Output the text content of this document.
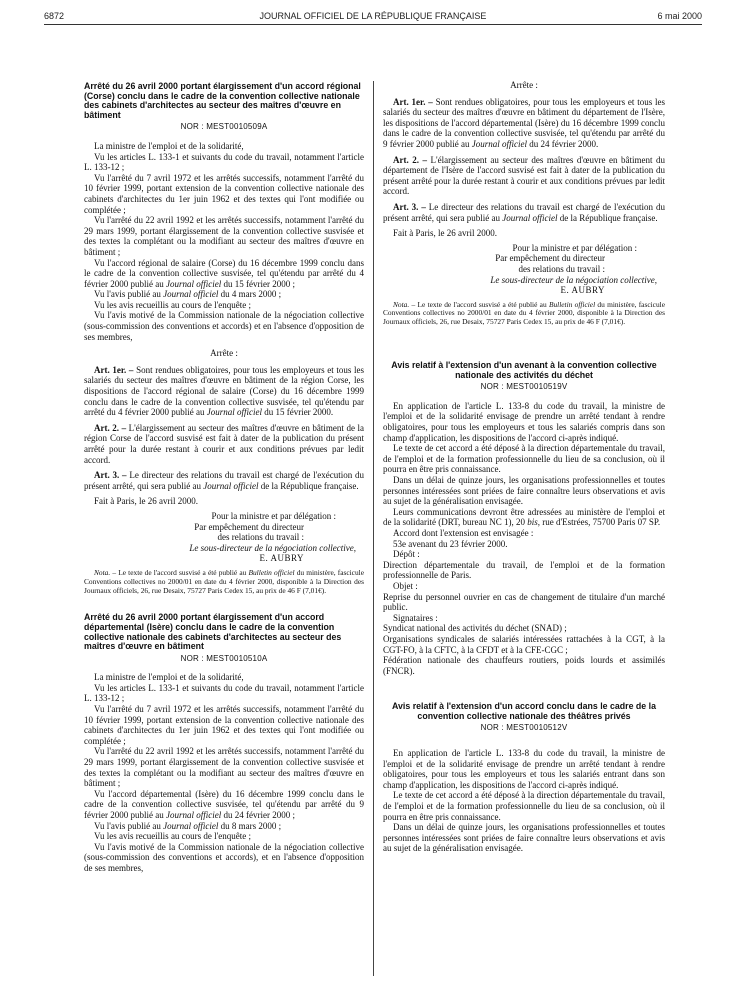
6872	JOURNAL OFFICIEL DE LA RÉPUBLIQUE FRANÇAISE	6 mai 2000
Arrêté du 26 avril 2000 portant élargissement d'un accord régional (Corse) conclu dans le cadre de la convention collective nationale des cabinets d'architectes au secteur des maîtres d'œuvre en bâtiment
NOR : MESТ0010509A

La ministre de l'emploi et de la solidarité,

Vu les articles L. 133-1 et suivants du code du travail, notamment l'article L. 133-12 ;

Vu l'arrêté du 7 avril 1972 et les arrêtés successifs, notamment l'arrêté du 10 février 1999, portant extension de la convention collective nationale des cabinets d'architectes du 1er juin 1962 et des textes qui l'ont modifiée ou complétée ;

Vu l'arrêté du 22 avril 1992 et les arrêtés successifs, notamment l'arrêté du 29 mars 1999, portant élargissement de la convention collective susvisée et des textes la complétant ou la modifiant au secteur des maîtres d'œuvre en bâtiment ;

Vu l'accord régional de salaire (Corse) du 16 décembre 1999 conclu dans le cadre de la convention collective susvisée, tel qu'étendu par arrêté du 4 février 2000 publié au Journal officiel du 15 février 2000 ;

Vu l'avis publié au Journal officiel du 4 mars 2000 ;

Vu les avis recueillis au cours de l'enquête ;

Vu l'avis motivé de la Commission nationale de la négociation collective (sous-commission des conventions et accords) et en l'absence d'opposition de ses membres,

Arrête :

Art. 1er. – Sont rendues obligatoires, pour tous les employeurs et tous les salariés du secteur des maîtres d'œuvre en bâtiment de la région Corse, les dispositions de l'accord régional de salaire (Corse) du 16 décembre 1999 conclu dans le cadre de la convention collective susvisée, tel qu'étendu par arrêté du 4 février 2000 publié au Journal officiel du 15 février 2000.

Art. 2. – L'élargissement au secteur des maîtres d'œuvre en bâtiment de la région Corse de l'accord susvisé est fait à dater de la publication du présent arrêté pour la durée restant à courir et aux conditions prévues par ledit accord.

Art. 3. – Le directeur des relations du travail est chargé de l'exécution du présent arrêté, qui sera publié au Journal officiel de la République française.

Fait à Paris, le 26 avril 2000.

Pour la ministre et par délégation :

Par empêchement du directeur

des relations du travail :

Le sous-directeur de la négociation collective,

E. AUBRY

Nota. – Le texte de l'accord susvisé a été publié au Bulletin officiel du ministère, fascicule Conventions collectives no 2000/01 en date du 4 février 2000, disponible à la Direction des Journaux officiels, 26, rue Desaix, 75727 Paris Cedex 15, au prix de 46 F (7,01€).

Arrêté du 26 avril 2000 portant élargissement d'un accord départemental (Isère) conclu dans le cadre de la convention collective nationale des cabinets d'architectes au secteur des maîtres d'œuvre en bâtiment
NOR : MESТ0010510A

La ministre de l'emploi et de la solidarité,

Vu les articles L. 133-1 et suivants du code du travail, notamment l'article L. 133-12 ;

Vu l'arrêté du 7 avril 1972 et les arrêtés successifs, notamment l'arrêté du 10 février 1999, portant extension de la convention collective nationale des cabinets d'architectes du 1er juin 1962 et des textes qui l'ont modifiée ou complétée ;

Vu l'arrêté du 22 avril 1992 et les arrêtés successifs, notamment l'arrêté du 29 mars 1999, portant élargissement de la convention collective susvisée et des textes la complétant ou la modifiant au secteur des maîtres d'œuvre en bâtiment ;

Vu l'accord départemental (Isère) du 16 décembre 1999 conclu dans le cadre de la convention collective susvisée, tel qu'étendu par arrêté du 9 février 2000 publié au Journal officiel du 24 février 2000 ;

Vu l'avis publié au Journal officiel du 8 mars 2000 ;

Vu les avis recueillis au cours de l'enquête ;

Vu l'avis motivé de la Commission nationale de la négociation collective (sous-commission des conventions et accords), et en l'absence d'opposition de ses membres,

Arrête :

Art. 1er. – Sont rendues obligatoires, pour tous les employeurs et tous les salariés du secteur des maîtres d'œuvre en bâtiment du département de l'Isère, les dispositions de l'accord départemental (Isère) du 16 décembre 1999 conclu dans le cadre de la convention collective susvisée, tel qu'étendu par arrêté du 9 février 2000 publié au Journal officiel du 24 février 2000.

Art. 2. – L'élargissement au secteur des maîtres d'œuvre en bâtiment du département de l'Isère de l'accord susvisé est fait à dater de la publication du présent arrêté pour la durée restant à courir et aux conditions prévues par ledit accord.

Art. 3. – Le directeur des relations du travail est chargé de l'exécution du présent arrêté, qui sera publié au Journal officiel de la République française.

Fait à Paris, le 26 avril 2000.

Pour la ministre et par délégation :

Par empêchement du directeur

des relations du travail :

Le sous-directeur de la négociation collective,

E. AUBRY

Nota. – Le texte de l'accord susvisé a été publié au Bulletin officiel du ministère, fascicule Conventions collectives no 2000/01 en date du 4 février 2000, disponible à la Direction des Journaux officiels, 26, rue Desaix, 75727 Paris Cedex 15, au prix de 46 F (7,01€).

Avis relatif à l'extension d'un avenant à la convention collective nationale des activités du déchet
NOR : MESТ0010519V

En application de l'article L. 133-8 du code du travail, la ministre de l'emploi et de la solidarité envisage de prendre un arrêté tendant à rendre obligatoires, pour tous les employeurs et tous les salariés compris dans son champ d'application, les dispositions de l'accord ci-après indiqué.

Le texte de cet accord a été déposé à la direction départementale du travail, de l'emploi et de la formation professionnelle du lieu de sa conclusion, où il pourra en être pris connaissance.

Dans un délai de quinze jours, les organisations professionnelles et toutes personnes intéressées sont priées de faire connaître leurs observations et avis au sujet de la généralisation envisagée.

Leurs communications devront être adressées au ministère de l'emploi et de la solidarité (DRT, bureau NC 1), 20 bis, rue d'Estrées, 75700 Paris 07 SP.

Accord dont l'extension est envisagée :

53e avenant du 23 février 2000.

Dépôt :

Direction départementale du travail, de l'emploi et de la formation professionnelle de Paris.

Objet :

Reprise du personnel ouvrier en cas de changement de titulaire d'un marché public.

Signataires :

Syndicat national des activités du déchet (SNAD) ;

Organisations syndicales de salariés intéressées rattachées à la CGT, à la CGT-FO, à la CFTC, à la CFDT et à la CFE-CGC ;

Fédération nationale des chauffeurs routiers, poids lourds et assimilés (FNCR).

Avis relatif à l'extension d'un accord conclu dans le cadre de la convention collective nationale des théâtres privés
NOR : MESТ0010512V

En application de l'article L. 133-8 du code du travail, la ministre de l'emploi et de la solidarité envisage de prendre un arrêté tendant à rendre obligatoires, pour tous les employeurs et tous les salariés entrant dans son champ d'application, les dispositions de l'accord ci-après indiqué.

Le texte de cet accord a été déposé à la direction départementale du travail, de l'emploi et de la formation professionnelle du lieu de sa conclusion, où il pourra en être pris connaissance.

Dans un délai de quinze jours, les organisations professionnelles et toutes personnes intéressées sont priées de faire connaître leurs observations et avis au sujet de la généralisation envisagée.
